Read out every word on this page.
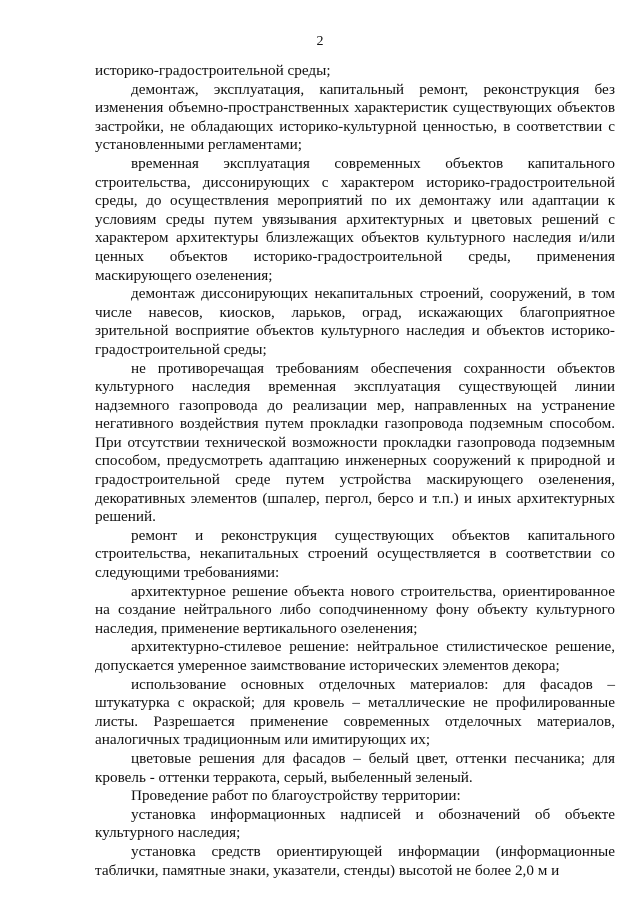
2

историко-градостроительной среды;

демонтаж, эксплуатация, капитальный ремонт, реконструкция без изменения объемно-пространственных характеристик существующих объектов застройки, не обладающих историко-культурной ценностью, в соответствии с установленными регламентами;

временная эксплуатация современных объектов капитального строительства, диссонирующих с характером историко-градостроительной среды, до осуществления мероприятий по их демонтажу или адаптации к условиям среды путем увязывания архитектурных и цветовых решений с характером архитектуры близлежащих объектов культурного наследия и/или ценных объектов историко-градостроительной среды, применения маскирующего озеленения;

демонтаж диссонирующих некапитальных строений, сооружений, в том числе навесов, киосков, ларьков, оград, искажающих благоприятное зрительной восприятие объектов культурного наследия и объектов историко-градостроительной среды;

не противоречащая требованиям обеспечения сохранности объектов культурного наследия временная эксплуатация существующей линии надземного газопровода до реализации мер, направленных на устранение негативного воздействия путем прокладки газопровода подземным способом. При отсутствии технической возможности прокладки газопровода подземным способом, предусмотреть адаптацию инженерных сооружений к природной и градостроительной среде путем устройства маскирующего озеленения, декоративных элементов (шпалер, пергол, берсо и т.п.) и иных архитектурных решений.

ремонт и реконструкция существующих объектов капитального строительства, некапитальных строений осуществляется в соответствии со следующими требованиями:

архитектурное решение объекта нового строительства, ориентированное на создание нейтрального либо соподчиненному фону объекту культурного наследия, применение вертикального озеленения;

архитектурно-стилевое решение: нейтральное стилистическое решение, допускается умеренное заимствование исторических элементов декора;

использование основных отделочных материалов: для фасадов – штукатурка с окраской; для кровель – металлические не профилированные листы. Разрешается применение современных отделочных материалов, аналогичных традиционным или имитирующих их;

цветовые решения для фасадов – белый цвет, оттенки песчаника; для кровель - оттенки терракота, серый, выбеленный зеленый.

Проведение работ по благоустройству территории:

установка информационных надписей и обозначений об объекте культурного наследия;

установка средств ориентирующей информации (информационные таблички, памятные знаки, указатели, стенды) высотой не более 2,0 м и
